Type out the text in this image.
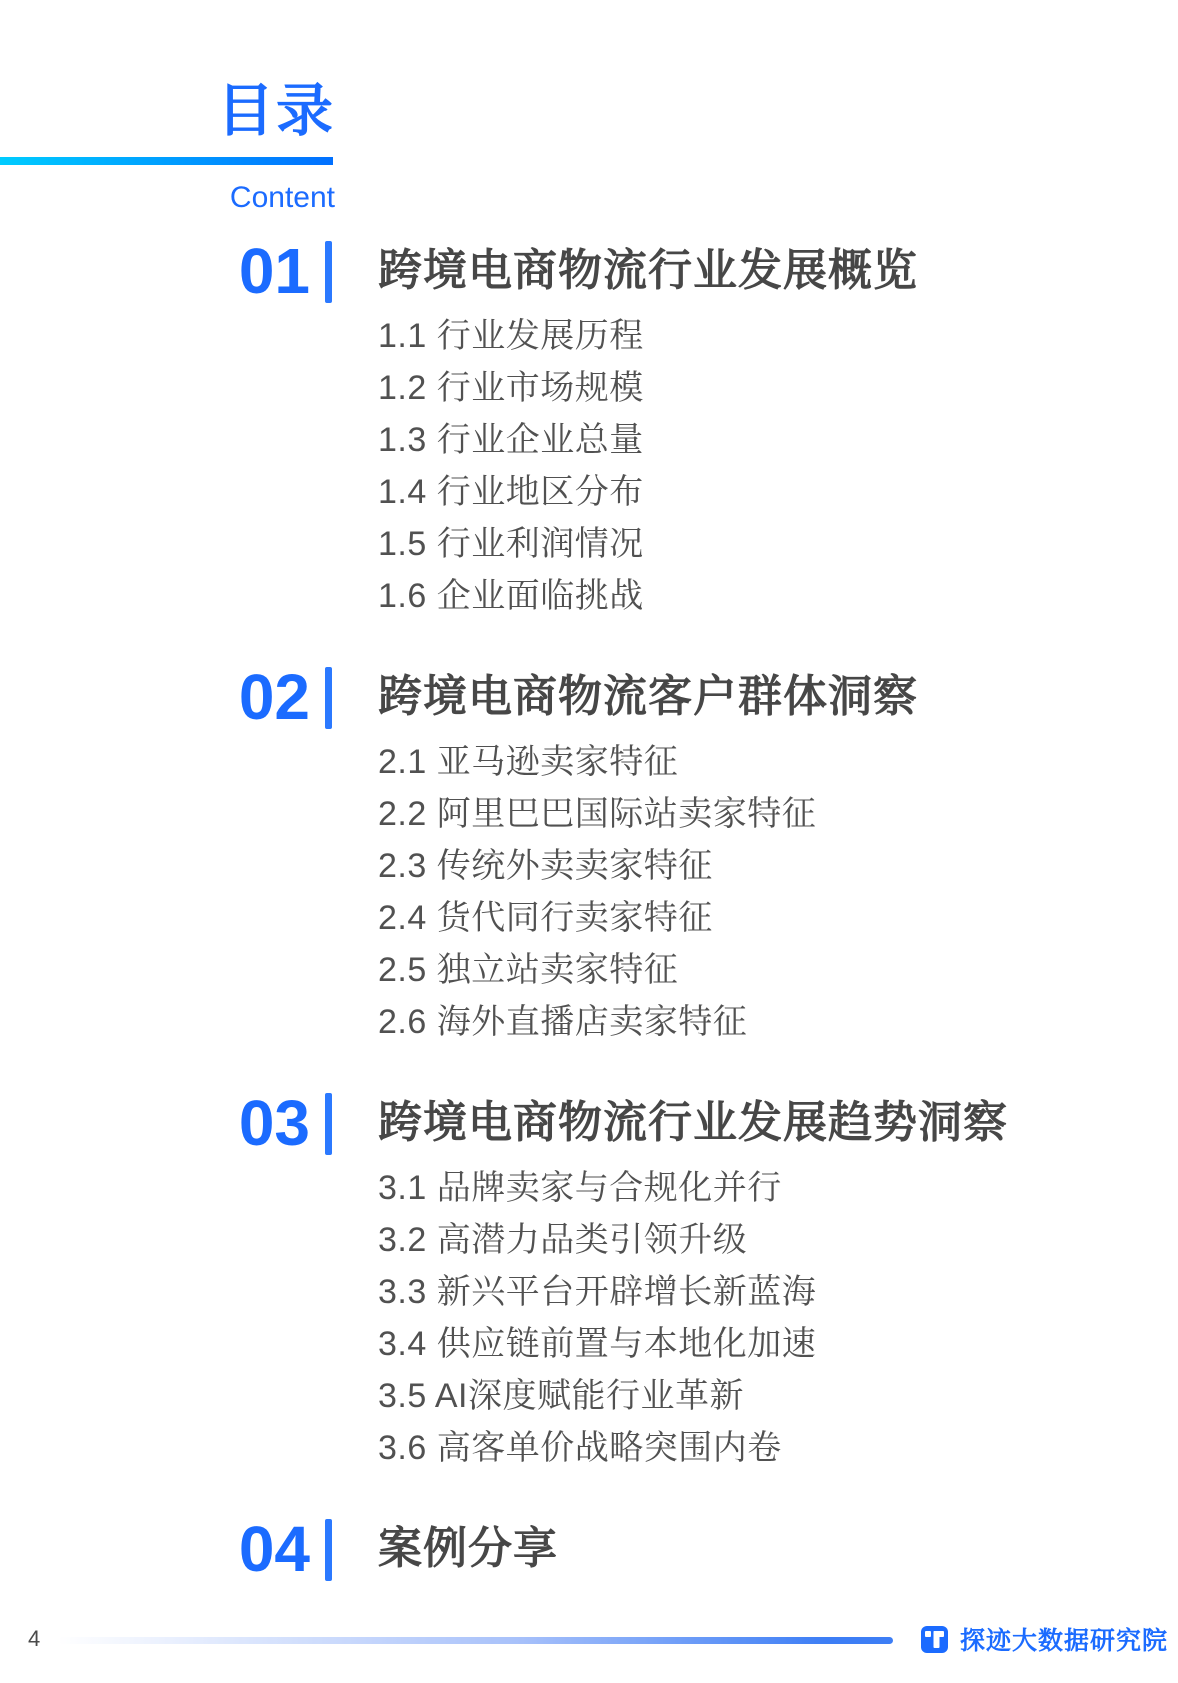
目录
Content
01 跨境电商物流行业发展概览
1.1 行业发展历程
1.2 行业市场规模
1.3 行业企业总量
1.4 行业地区分布
1.5 行业利润情况
1.6 企业面临挑战
02 跨境电商物流客户群体洞察
2.1 亚马逊卖家特征
2.2 阿里巴巴国际站卖家特征
2.3 传统外卖卖家特征
2.4 货代同行卖家特征
2.5 独立站卖家特征
2.6 海外直播店卖家特征
03 跨境电商物流行业发展趋势洞察
3.1 品牌卖家与合规化并行
3.2 高潜力品类引领升级
3.3 新兴平台开辟增长新蓝海
3.4 供应链前置与本地化加速
3.5 AI深度赋能行业革新
3.6 高客单价战略突围内卷
04 案例分享
4	探迹大数据研究院
